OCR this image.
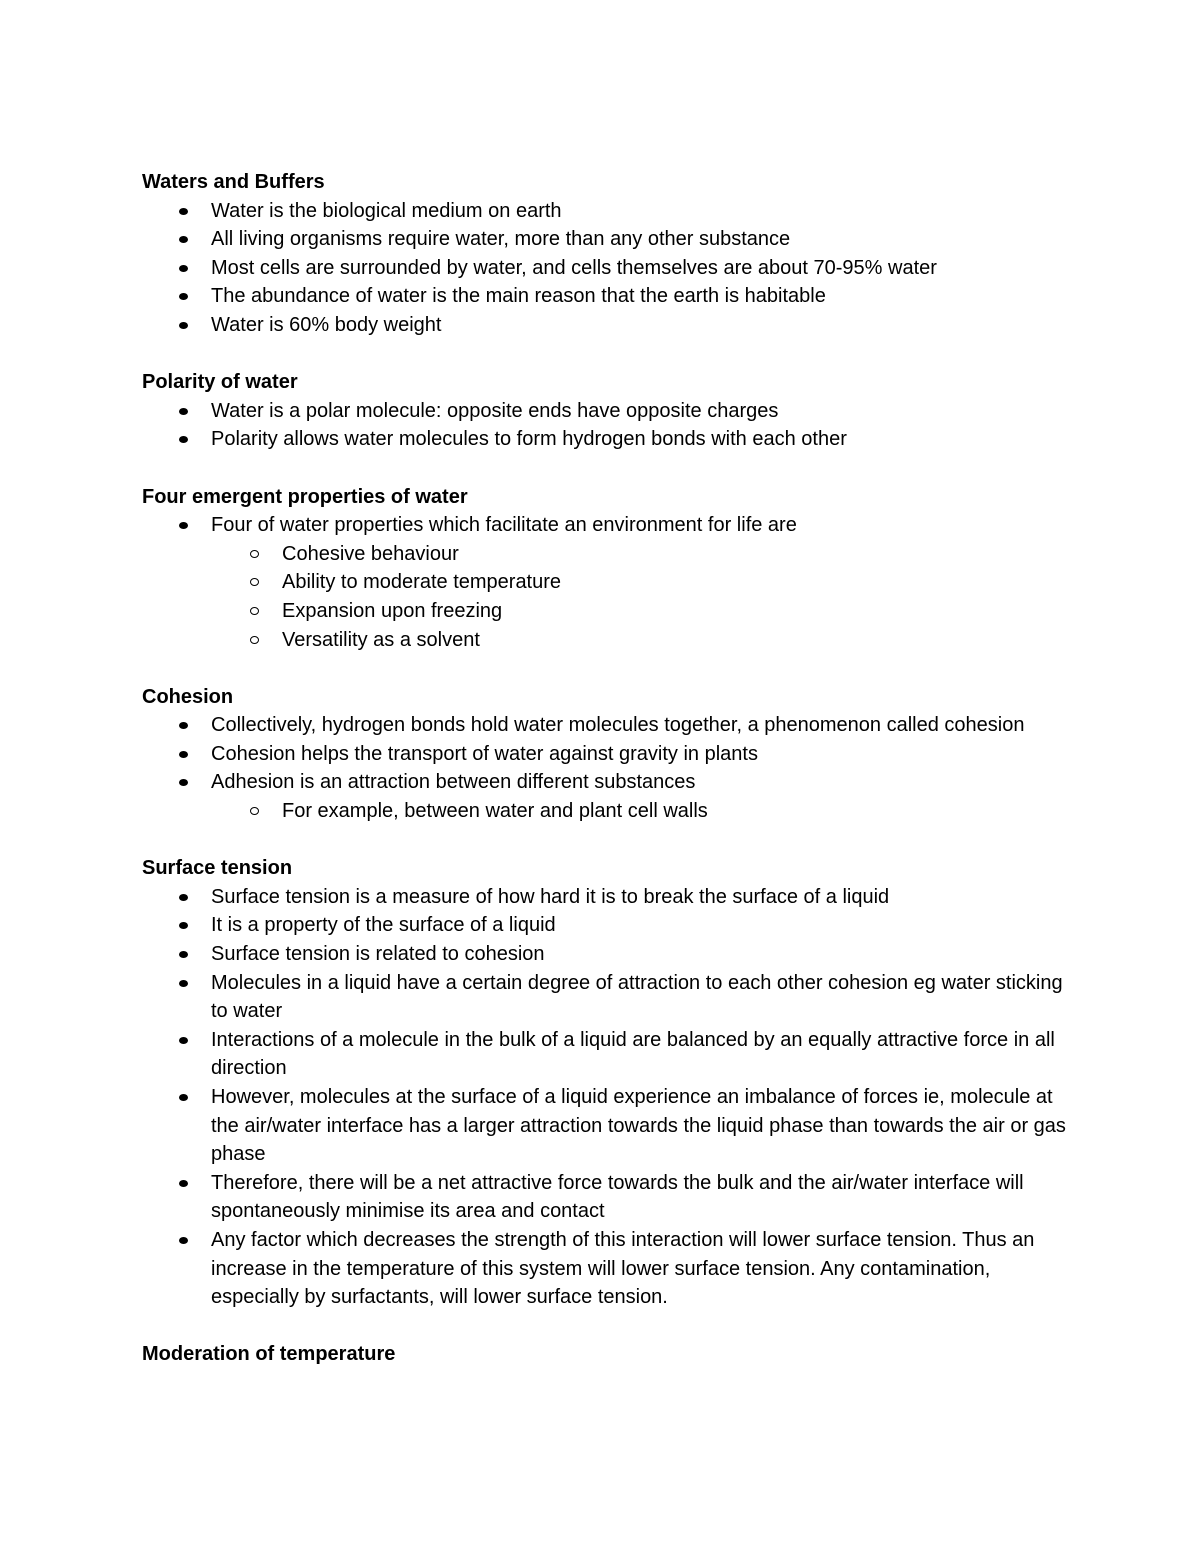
Waters and Buffers
Water is the biological medium on earth
All living organisms require water, more than any other substance
Most cells are surrounded by water, and cells themselves are about 70-95% water
The abundance of water is the main reason that the earth is habitable
Water is 60% body weight
Polarity of water
Water is a polar molecule: opposite ends have opposite charges
Polarity allows water molecules to form hydrogen bonds with each other
Four emergent properties of water
Four of water properties which facilitate an environment for life are
Cohesive behaviour
Ability to moderate temperature
Expansion upon freezing
Versatility as a solvent
Cohesion
Collectively, hydrogen bonds hold water molecules together, a phenomenon called cohesion
Cohesion helps the transport of water against gravity in plants
Adhesion is an attraction between different substances
For example, between water and plant cell walls
Surface tension
Surface tension is a measure of how hard it is to break the surface of a liquid
It is a property of the surface of a liquid
Surface tension is related to cohesion
Molecules in a liquid have a certain degree of attraction to each other cohesion eg water sticking to water
Interactions of a molecule in the bulk of a liquid are balanced by an equally attractive force in all direction
However, molecules at the surface of a liquid experience an imbalance of forces ie, molecule at the air/water interface has a larger attraction towards the liquid phase than towards the air or gas phase
Therefore, there will be a net attractive force towards the bulk and the air/water interface will spontaneously minimise its area and contact
Any factor which decreases the strength of this interaction will lower surface tension. Thus an increase in the temperature of this system will lower surface tension. Any contamination, especially by surfactants, will lower surface tension.
Moderation of temperature
